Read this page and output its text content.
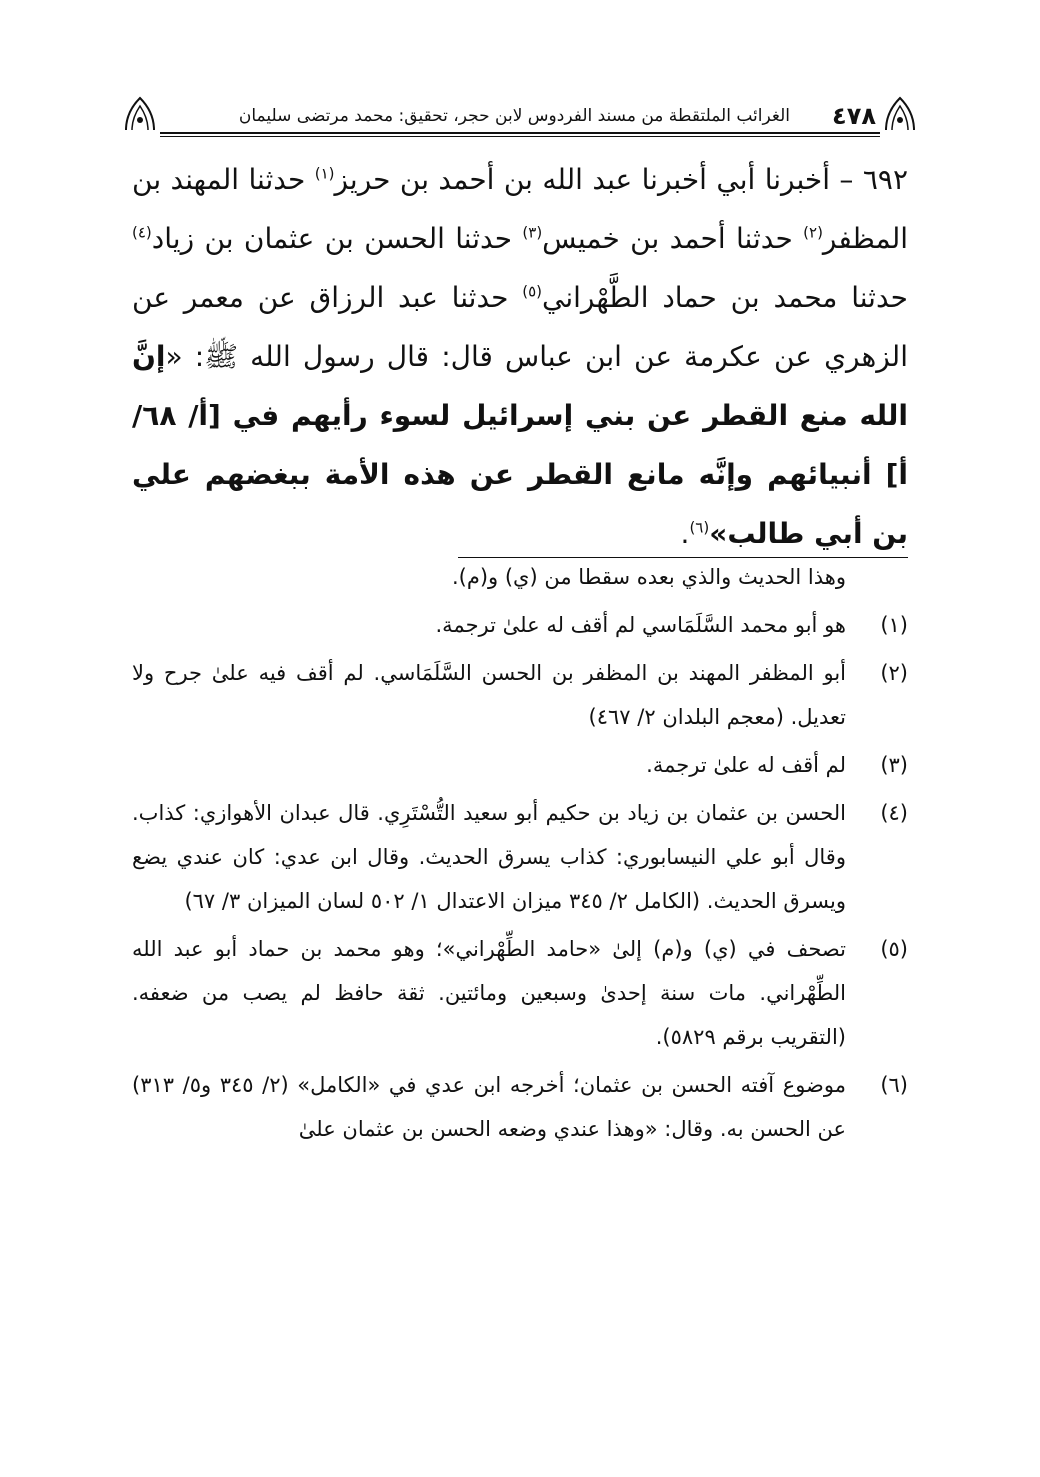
٤٧٨
الغرائب الملتقطة من مسند الفردوس لابن حجر، تحقيق: محمد مرتضى سليمان

٦٩٢ – أخبرنا أبي أخبرنا عبد الله بن أحمد بن حريز$^{(١)}$ حدثنا المهند بن المظفر$^{(٢)}$ حدثنا أحمد بن خميس$^{(٣)}$ حدثنا الحسن بن عثمان بن زياد$^{(٤)}$ حدثنا محمد بن حماد الطَّهْراني$^{(٥)}$ حدثنا عبد الرزاق عن معمر عن الزهري عن عكرمة عن ابن عباس قال: قال رسول الله ﷺ: «إنَّ الله منع القطر عن بني إسرائيل لسوء رأيهم في [أ/ ٦٨/ أ] أنبيائهم وإنَّه مانع القطر عن هذه الأمة ببغضهم علي بن أبي طالب»$^{(٦)}$.

وهذا الحديث والذي بعده سقطا من (ي) و(م).

(١)
هو أبو محمد السَّلَمَاسي لم أقف له علىٰ ترجمة.
(٢)
أبو المظفر المهند بن المظفر بن الحسن السَّلَمَاسي. لم أقف فيه علىٰ جرح ولا تعديل. (معجم البلدان ٢/ ٤٦٧)
(٣)
لم أقف له علىٰ ترجمة.
(٤)
الحسن بن عثمان بن زياد بن حكيم أبو سعيد التُّسْتَرِي. قال عبدان الأهوازي: كذاب. وقال أبو علي النيسابوري: كذاب يسرق الحديث. وقال ابن عدي: كان عندي يضع ويسرق الحديث. (الكامل ٢/ ٣٤٥ ميزان الاعتدال ١/ ٥٠٢ لسان الميزان ٣/ ٦٧)
(٥)
تصحف في (ي) و(م) إلىٰ «حامد الطِّهْراني»؛ وهو محمد بن حماد أبو عبد الله الطِّهْراني. مات سنة إحدىٰ وسبعين ومائتين. ثقة حافظ لم يصب من ضعفه. (التقريب برقم ٥٨٢٩).
(٦)
موضوع آفته الحسن بن عثمان؛ أخرجه ابن عدي في «الكامل» (٢/ ٣٤٥ و٥/ ٣١٣) عن الحسن به. وقال: «وهذا عندي وضعه الحسن بن عثمان علىٰ
